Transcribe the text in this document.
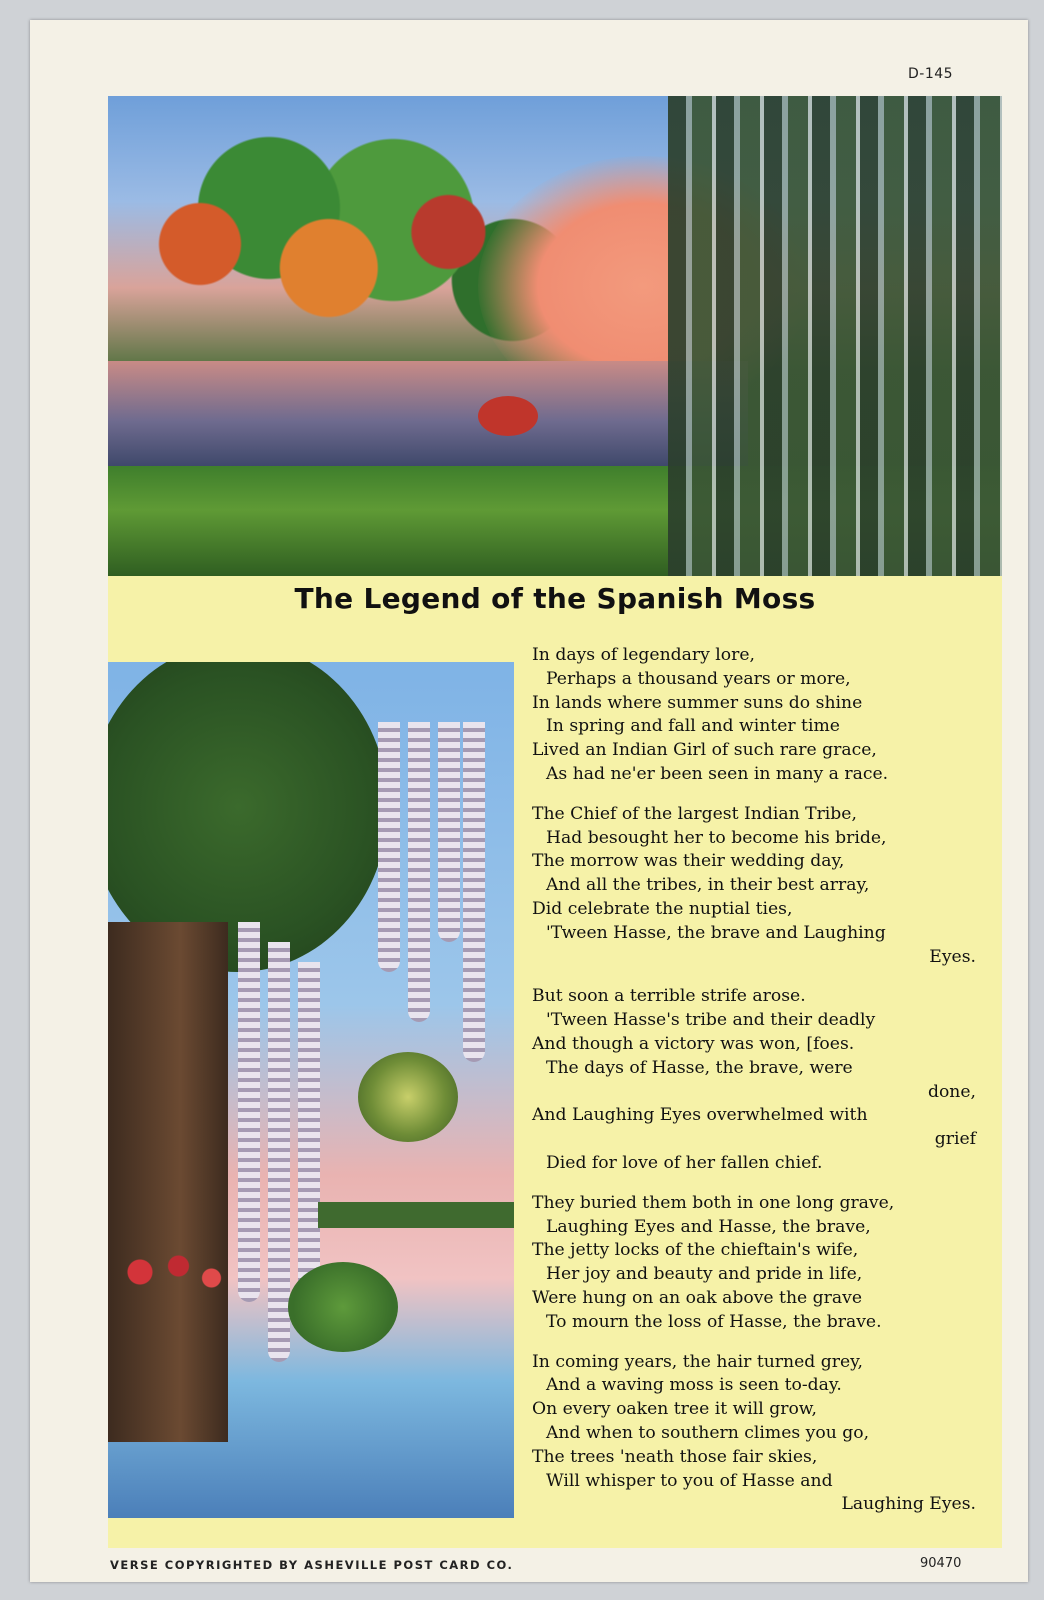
D-145
The Legend of the Spanish Moss
In days of legendary lore,
Perhaps a thousand years or more,
In lands where summer suns do shine
In spring and fall and winter time
Lived an Indian Girl of such rare grace,
As had ne'er been seen in many a race.
The Chief of the largest Indian Tribe,
Had besought her to become his bride,
The morrow was their wedding day,
And all the tribes, in their best array,
Did celebrate the nuptial ties,
'Tween Hasse, the brave and Laughing
Eyes.
But soon a terrible strife arose.
'Tween Hasse's tribe and their deadly
And though a victory was won, [foes.
The days of Hasse, the brave, were
done,
And Laughing Eyes overwhelmed with
grief
Died for love of her fallen chief.
They buried them both in one long grave,
Laughing Eyes and Hasse, the brave,
The jetty locks of the chieftain's wife,
Her joy and beauty and pride in life,
Were hung on an oak above the grave
To mourn the loss of Hasse, the brave.
In coming years, the hair turned grey,
And a waving moss is seen to-day.
On every oaken tree it will grow,
And when to southern climes you go,
The trees 'neath those fair skies,
Will whisper to you of Hasse and
Laughing Eyes.
VERSE COPYRIGHTED BY ASHEVILLE POST CARD CO.	90470
